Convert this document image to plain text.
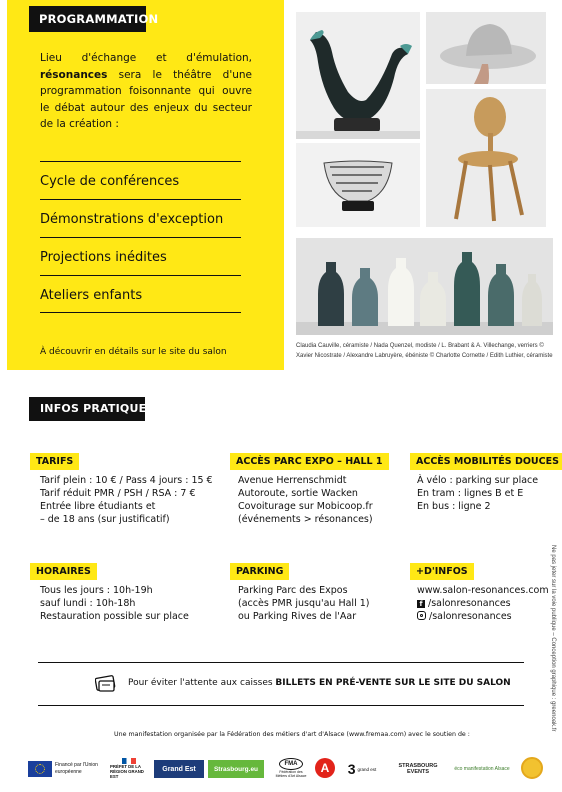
PROGRAMMATION

Lieu d'échange et d'émulation, résonances sera le théâtre d'une programmation foisonnante qui ouvre le débat autour des enjeux du secteur de la création :

Cycle de conférences
Démonstrations d'exception
Projections inédites
Ateliers enfants
À découvrir en détails sur le site du salon
Claudia Cauville, céramiste / Nada Quenzel, modiste / L. Brabant & A. Villechange, verriers © Xavier Nicostrate / Alexandre Labruyère, ébéniste © Charlotte Cornette / Edith Luthier, céramiste
INFOS PRATIQUES
TARIFS
Tarif plein : 10 € / Pass 4 jours : 15 €
Tarif réduit PMR / PSH / RSA : 7 €
Entrée libre étudiants et
– de 18 ans (sur justificatif)
ACCÈS PARC EXPO – HALL 1
Avenue Herrenschmidt
Autoroute, sortie Wacken
Covoiturage sur Mobicoop.fr
(événements > résonances)
ACCÈS MOBILITÉS DOUCES
À vélo : parking sur place
En tram : lignes B et E
En bus : ligne 2
HORAIRES
Tous les jours : 10h-19h
sauf lundi : 10h-18h
Restauration possible sur place
PARKING
Parking Parc des Expos
(accès PMR jusqu'au Hall 1)
ou Parking Rives de l'Aar
+D'INFOS
www.salon-resonances.com
f /salonresonances
/salonresonances
Pour éviter l'attente aux caisses BILLETS EN PRÉ-VENTE SUR LE SITE DU SALON
Une manifestation organisée par la Fédération des métiers d'art d'Alsace (www.fremaa.com) avec le soutien de :
Financé par l'Union européenne
PRÉFET DE LA RÉGION GRAND EST
Grand Est	Strasbourg.eu
FMA
Fédération des Métiers d'Art Alsace
A	3 grand est	STRASBOURG EVENTS	éco manifestation Alsace
Ne pas jeter sur la voie publique – Conception graphique : greenoak.fr
